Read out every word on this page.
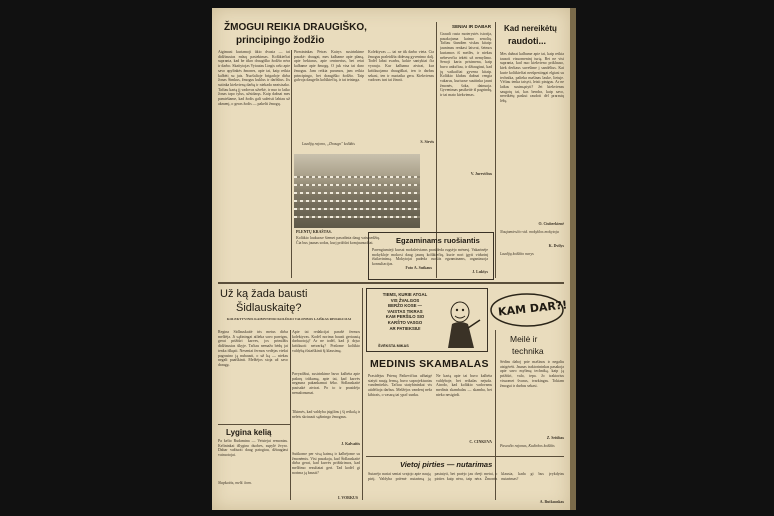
ŽMOGUI REIKIA DRAUGIŠKO,
principingo žodžio
Atgimusi kuriamoji ūkio dvasia — tai didžiausias mūsų pasiekimas. Kolūkiečiai supranta, kad be tikro draugiško žodžio nėra ir darbo. Skaitytojas Vytautas Lingis rašo apie savo apylinkės žmones, apie tai, kaip reikia kalbėti su jais. Nuošalioje brigadoje dirba Jonas Šimkus, žmogus kuklus ir darbštus. Jis sutinka kiekvieną darbą ir niekada neatsisako. Tačiau kartą jį vadovas užrėkė, ir nuo to laiko Jonas tapo tylus, užsidaręs. Kaip dažnai mes pamirštame, kad žodis gali sužeisti labiau už akmenį, o geras žodis — pakelti žmogų.
Pirmininkas Petras Kairys susirinkime pasakė: draugai, mes kalbame apie planą, apie hektarus, apie centnerius, bet retai kalbame apie žmogų. O juk visa tai daro žmogus. Jam reikia paramos, jam reikia principingo, bet draugiško žodžio. Taip galvoja daugelis kolūkiečių, ir tai teisinga.
Kolektyvas — tai ne tik darbo vieta. Čia žmogus praleidžia didesnę gyvenimo dalį. Todėl labai svarbu, kokie santykiai čia vyrauja. Kur kalbama atvirai, kur kritikuojama draugiškai, ten ir darbas sekasi, ten ir nuotaika gera. Kiekvienas vadovas turi tai žinoti.
S. Sirvis
Lazdijų rajono, „Draugo" kolūkis
PLENTŲ KRAŠTAS.
Kolūkio laukuose šiemet pasodinta daug vaismedžių. Čia bus jaunas sodas, kurį prižiūri komjaunuoliai.
Foto A. Sutkaus
SENIAI IR DABAR
Graudi rasta moterystės istorija, pasakojama kaimo senolių. Tačiau šiandien viskas kitaip: jaunimas renkasi laisvai, šeimos kuriamos iš meilės, ir niekas nebeverčia tekėti už nemylimo. Senoji karta prisimena, kaip buvo anksčiau, ir džiaugiasi, kad jų vaikaičiai gyvena kitaip. Kolūkio klubas dažnai rengia vakarus, kuriuose susitinka jauni žmonės, šoka, dainuoja. Gyvenimas pasikeitė iš pagrindų, ir tai mato kiekvienas.
V. Jurevičius
Egzaminams ruošiantis
Parengiamieji kursai moksleiviams prasideda rugsėjo mėnesį. Vakarinėje mokykloje mokosi daug jaunų kolūkiečių, kurie nori įgyti vidurinį išsilavinimą. Mokytojai padeda ruoštis egzaminams, organizuoja konsultacijas.
J. Lukšys
Kad nereikėtų
raudoti...
Mes dažnai kalbame apie tai, kaip reikia tausoti visuomeninį turtą. Bet ne visi supranta, kad nuo kiekvieno priklauso, kiek derliaus suvešime į sandėlius. Kai kurie kolūkiečiai nerūpestingai elgiasi su technika, palieka mašinas lauke, lietuje. Vėliau tenka taisyti, leisti pinigus. Ar ne laikas susimąstyti? Jei kiekvienas saugotų tai, kas bendra, kaip savo, nereikėtų paskui raudoti dėl prarastų lėšų.
O. Čiuberkienė
Naujamiesčio vid. mokyklos mokytoja
K. Dvilys
Lazdijų kolūkio narys
Už ką žada bausti
Šidlauskaitę?
KOLEKTYVINIS KAIMYNINIO KOLŪKIO VALDYBOS LAIŠKAS REDAKCIJAI
Regina Šidlauskaitė tris metus dirba melžėja. Ji sąžiningai atlieka savo pareigas, gerai prižiūri karves, jos primilžis didžiausias ūkyje. Tačiau nemaža bėdų jai tenka iškęsti. Neseniai fermos vedėjas viešai pagrasino ją nubausti, o už ką — niekas negali paaiškinti. Melžėjos stoja už savo draugę.
Apie tai redakcijai parašė fermos kolektyvas. Kodėl norima bausti geriausią darbuotoją? Ar ne todėl, kad ji drįso kritikuoti netvarką? Prašome kolūkio valdybą išsiaiškinti šį klausimą.
Pavyzdžiui, susirinkime buvo kalbėta apie pašarų trūkumą, apie tai, kad karvės negauna pakankamai šėko. Šidlauskaitė pasisakė atvirai. Po to ir prasidėjo nemalonumai.
Tikimės, kad valdyba įsigilins į šį reikalą ir neleis skriausti sąžiningo žmogaus.
J. Kalvaitis
Lygina kelią
Pa kelio Rudamina — Veisiejai remontas. Kelininkai išlygino duobes, supylė žvyro. Dabar važiuoti daug patogiau, džiaugiasi vairuotojai.
Šlapkaitis, melž. kom.
Sutikome per visą kaimą ir kalbėjome su žmonėmis. Visi pasakoja, kad Šidlauskaitė dirba gerai, kad karvės prižiūrimos, kad melžimo rezultatai geri. Tad kodėl gi norima ją bausti?
I. VORKUS
TIEMS, KURIE ATGAL
VIS ŽVALGOS
BERŽO KOSE —
VAISTAS TIKRAS
KAM PERŠILO SIO
KARŠTO VASGO
AR PATIEKSIU!
ŠVĖKSTA MIKAS
KAM DAR?!
MEDINIS SKAMBALAS
Prasidėjus Prienų Patkevičius užbaigė statyti naują fermą, buvo suprojektuotas vandentiekis. Tačiau statybininkai vis atidėlioja darbus. Melžėjos vandenį neša kibirais, o vasarą tai ypač sunku.
Ne kartą apie tai buvo kalbėta valdyboje, bet reikalas nejuda. Atrodo, kad kolūkio vadovams medinis skambalas — skamba, bet nieko nesigirdi.
C. CINKEVA
Meilė ir
technika
Sėdim daboj prie mašinos ir negaliu atsigėrėti. Jaunas traktorininkas pasakoja apie savo mylimą techniką, kaip ją prižiūri, valo, tepa. Jo traktorius visuomet švarus, tvarkingas. Tokiam žmogui ir darbas sekasi.
Ž. Sriūbas
Pasvalio rajonas, Kudirkos kolūkis
Vietoj pirties — nutarimas
Sutarėjo nariai seniai svajojo apie naują pirtį. Valdyba priėmė nutarimą ją pastatyti, bet praėjo jau dveji metai, o pirties kaip nėra, taip nėra. Žmonės klausia, kada gi bus įvykdytas nutarimas?
A. Butkauskas
